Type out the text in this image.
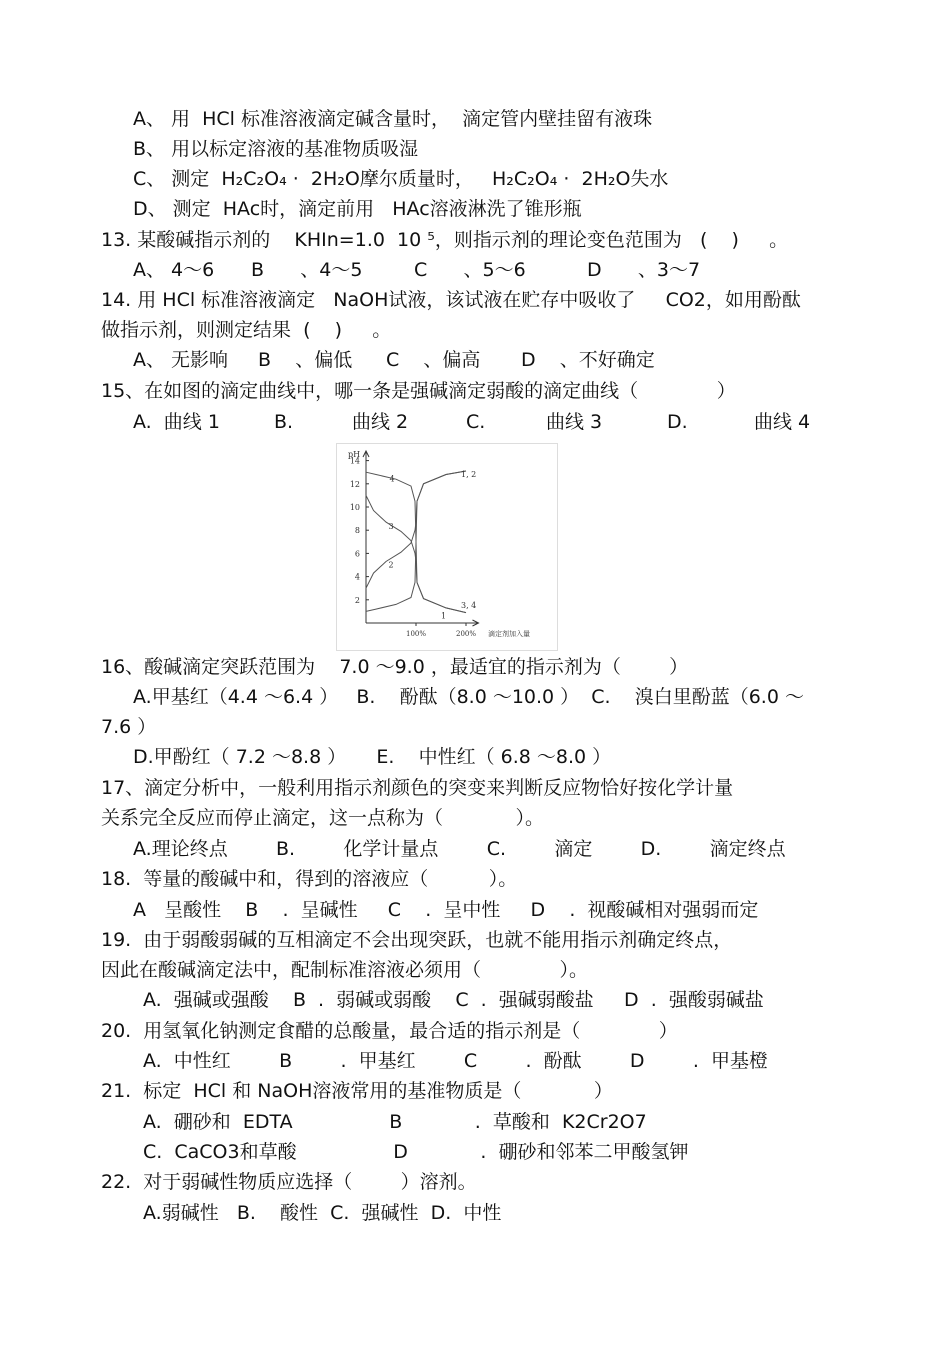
A、 用  HCl 标准溶液滴定碱含量时，  滴定管内壁挂留有液珠
B、 用以标定溶液的基准物质吸湿
C、 测定  H₂C₂O₄ ·  2H₂O摩尔质量时，   H₂C₂O₄ ·  2H₂O失水
D、 测定  HAc时，滴定前用   HAc溶液淋洗了锥形瓶
13. 某酸碱指示剂的    KHIn=1.0  10 ⁵，则指示剂的理论变色范围为   (    )     。
A、 4～6 B      、4～5	C      、5～6	D      、3～7
14. 用 HCl 标准溶液滴定   NaOH试液，该试液在贮存中吸收了     CO2，如用酚酞
做指示剂，则测定结果  (    )     。
A、 无影响 B    、偏低 C    、偏高 D    、不好确定
15、在如图的滴定曲线中，哪一条是强碱滴定弱酸的滴定曲线（             ）
A.  曲线 1	B.	曲线 2	C.	曲线 3	D.	曲线 4
16、酸碱滴定突跃范围为    7.0 ～9.0 ，最适宜的指示剂为（        ）
A.甲基红（4.4 ～6.4 ）   B.    酚酞（8.0 ～10.0 ）  C.    溴白里酚蓝（6.0 ～
7.6 ）
D.甲酚红（ 7.2 ～8.8 ）     E.    中性红（ 6.8 ～8.0 ）
17、滴定分析中，一般利用指示剂颜色的突变来判断反应物恰好按化学计量
关系完全反应而停止滴定，这一点称为（            ）。
A.理论终点        B.        化学计量点        C.        滴定        D.        滴定终点
18.  等量的酸碱中和，得到的溶液应（          ）。
A   呈酸性    B    .  呈碱性     C    .  呈中性     D    .  视酸碱相对强弱而定
19.  由于弱酸弱碱的互相滴定不会出现突跃，也就不能用指示剂确定终点，
因此在酸碱滴定法中，配制标准溶液必须用（             ）。
A.  强碱或强酸    B  .  弱碱或弱酸    C  .  强碱弱酸盐     D  .  强酸弱碱盐
20.  用氢氧化钠测定食醋的总酸量，最合适的指示剂是（             ）
A.  中性红        B        .  甲基红        C        .  酚酞        D        .  甲基橙
21.  标定  HCl 和 NaOH溶液常用的基准物质是（            ）
A.  硼砂和  EDTA                B            .  草酸和  K2Cr2O7
C.  CaCO3和草酸                D            .  硼砂和邻苯二甲酸氢钾
22.  对于弱碱性物质应选择（        ）溶剂。
A.弱碱性   B.    酸性  C.  强碱性  D.  中性
pH
2
4
6
8
10
12
14
100%	200% 滴定剂加入量
1
2
3
4
1, 2
3, 4
